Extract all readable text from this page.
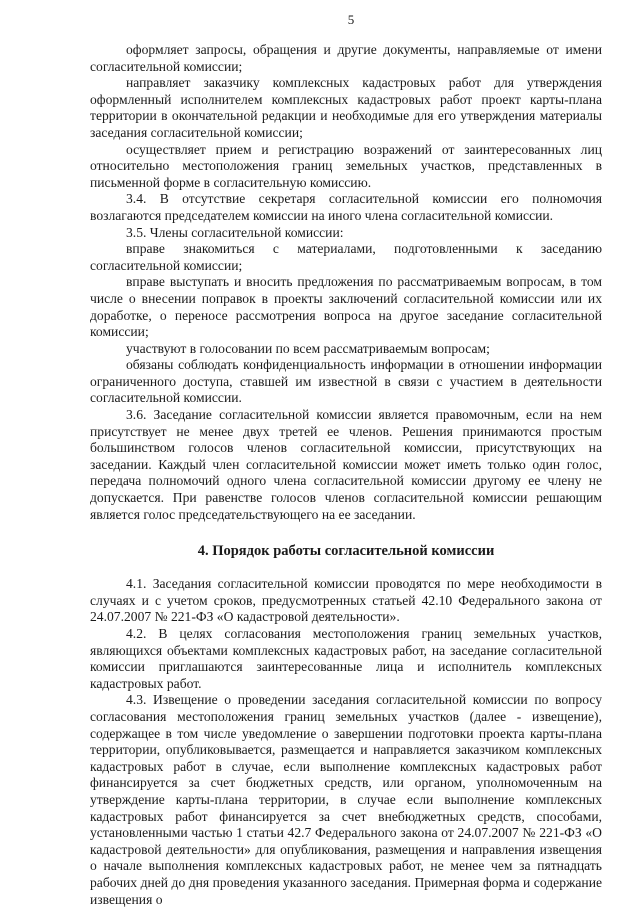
5

оформляет запросы, обращения и другие документы, направляемые от имени согласительной комиссии;

направляет заказчику комплексных кадастровых работ для утверждения оформленный исполнителем комплексных кадастровых работ проект карты-плана территории в окончательной редакции и необходимые для его утверждения материалы заседания согласительной комиссии;

осуществляет прием и регистрацию возражений от заинтересованных лиц относительно местоположения границ земельных участков, представленных в письменной форме в согласительную комиссию.

3.4. В отсутствие секретаря согласительной комиссии его полномочия возлагаются председателем комиссии на иного члена согласительной комиссии.

3.5. Члены согласительной комиссии:

вправе знакомиться с материалами, подготовленными к заседанию согласительной комиссии;

вправе выступать и вносить предложения по рассматриваемым вопросам, в том числе о внесении поправок в проекты заключений согласительной комиссии или их доработке, о переносе рассмотрения вопроса на другое заседание согласительной комиссии;

участвуют в голосовании по всем рассматриваемым вопросам;

обязаны соблюдать конфиденциальность информации в отношении информации ограниченного доступа, ставшей им известной в связи с участием в деятельности согласительной комиссии.

3.6. Заседание согласительной комиссии является правомочным, если на нем присутствует не менее двух третей ее членов. Решения принимаются простым большинством голосов членов согласительной комиссии, присутствующих на заседании. Каждый член согласительной комиссии может иметь только один голос, передача полномочий одного члена согласительной комиссии другому ее члену не допускается. При равенстве голосов членов согласительной комиссии решающим является голос председательствующего на ее заседании.

4. Порядок работы согласительной комиссии

4.1. Заседания согласительной комиссии проводятся по мере необходимости в случаях и с учетом сроков, предусмотренных статьей 42.10 Федерального закона от 24.07.2007 № 221-ФЗ «О кадастровой деятельности».

4.2. В целях согласования местоположения границ земельных участков, являющихся объектами комплексных кадастровых работ, на заседание согласительной комиссии приглашаются заинтересованные лица и исполнитель комплексных кадастровых работ.

4.3. Извещение о проведении заседания согласительной комиссии по вопросу согласования местоположения границ земельных участков (далее - извещение), содержащее в том числе уведомление о завершении подготовки проекта карты-плана территории, опубликовывается, размещается и направляется заказчиком комплексных кадастровых работ в случае, если выполнение комплексных кадастровых работ финансируется за счет бюджетных средств, или органом, уполномоченным на утверждение карты-плана территории, в случае если выполнение комплексных кадастровых работ финансируется за счет внебюджетных средств, способами, установленными частью 1 статьи 42.7 Федерального закона от 24.07.2007 № 221-ФЗ «О кадастровой деятельности» для опубликования, размещения и направления извещения о начале выполнения комплексных кадастровых работ, не менее чем за пятнадцать рабочих дней до дня проведения указанного заседания. Примерная форма и содержание извещения о
